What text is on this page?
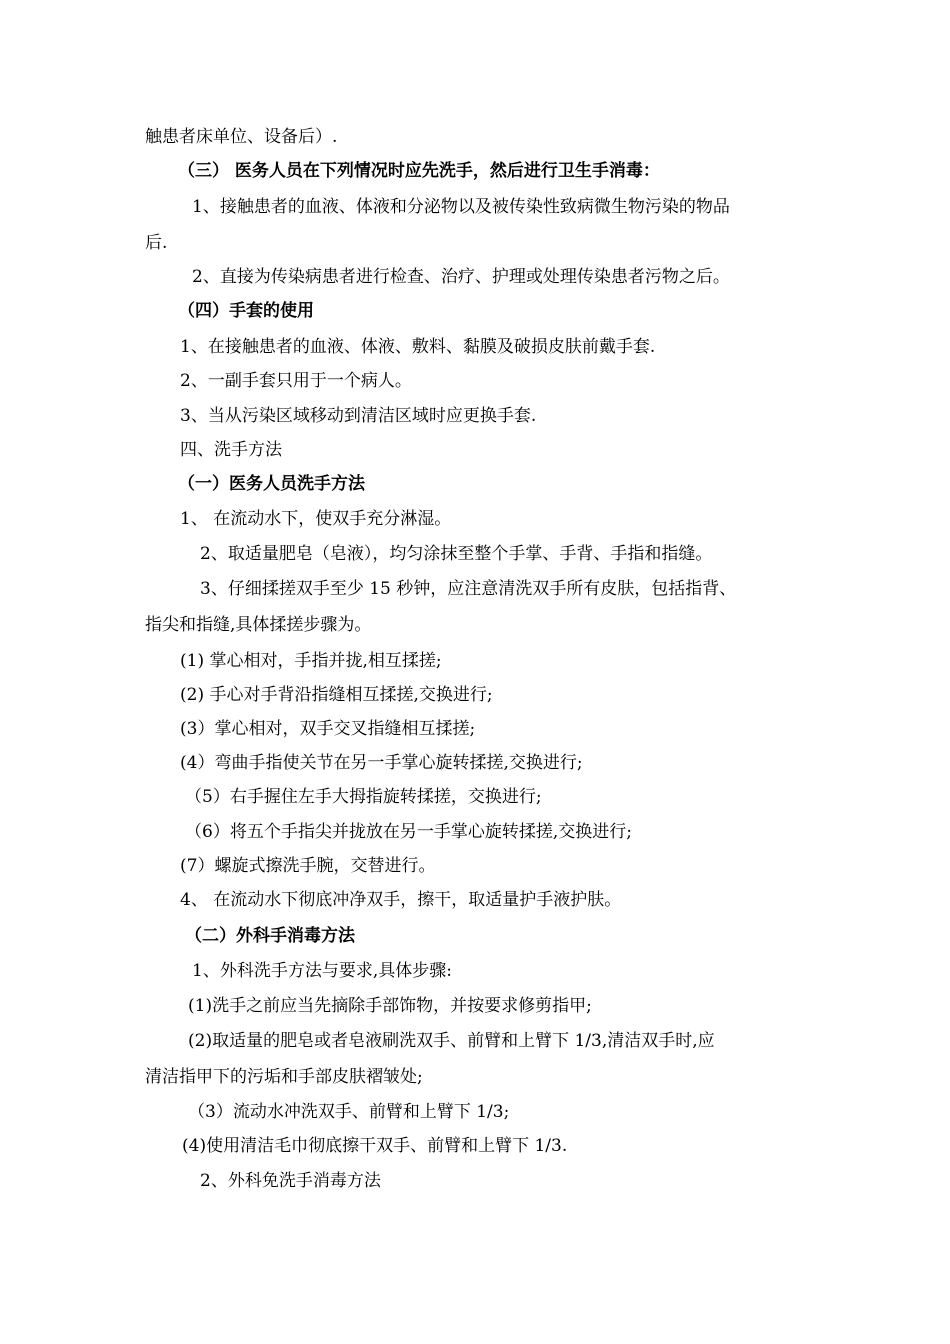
触患者床单位、设备后）.
（三） 医务人员在下列情况时应先洗手，然后进行卫生手消毒：
1、接触患者的血液、体液和分泌物以及被传染性致病微生物污染的物品
后.
2、直接为传染病患者进行检查、治疗、护理或处理传染患者污物之后。
（四）手套的使用
1、在接触患者的血液、体液、敷料、黏膜及破损皮肤前戴手套.
2、一副手套只用于一个病人。
3、当从污染区域移动到清洁区域时应更换手套.
四、洗手方法
（一）医务人员洗手方法
1、 在流动水下，使双手充分淋湿。
2、取适量肥皂（皂液），均匀涂抹至整个手掌、手背、手指和指缝。
3、仔细揉搓双手至少 15 秒钟，应注意清洗双手所有皮肤，包括指背、
指尖和指缝,具体揉搓步骤为。
(1) 掌心相对，手指并拢,相互揉搓;
(2) 手心对手背沿指缝相互揉搓,交换进行;
(3）掌心相对，双手交叉指缝相互揉搓;
(4）弯曲手指使关节在另一手掌心旋转揉搓,交换进行;
（5）右手握住左手大拇指旋转揉搓，交换进行;
（6）将五个手指尖并拢放在另一手掌心旋转揉搓,交换进行;
(7）螺旋式擦洗手腕，交替进行。
4、 在流动水下彻底冲净双手，擦干，取适量护手液护肤。
（二）外科手消毒方法
1、外科洗手方法与要求,具体步骤:
(1)洗手之前应当先摘除手部饰物，并按要求修剪指甲;
(2)取适量的肥皂或者皂液刷洗双手、前臂和上臂下 1/3,清洁双手时,应
清洁指甲下的污垢和手部皮肤褶皱处;
（3）流动水冲洗双手、前臂和上臂下 1/3;
(4)使用清洁毛巾彻底擦干双手、前臂和上臂下 1/3.
2、外科免洗手消毒方法
